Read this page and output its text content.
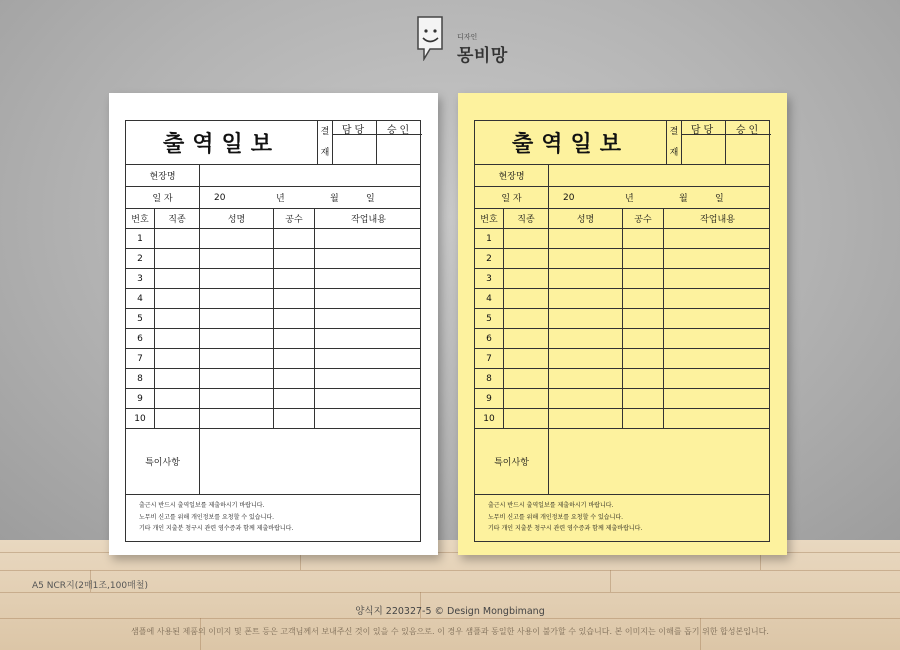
디자인
몽비망
출역일보	결
재
담당	승인
현장명
일 자	20	년	월	일
번호	직종	성명	공수	작업내용
1
2
3
4
5
6
7
8
9
10
특이사항
출근시 반드시 출역일보를 제출하시기 바랍니다.
노무비 신고를 위해 개인정보를 요청할 수 있습니다.
기타 개인 지출분 청구시 관련 영수증과 함께 제출바랍니다.
출역일보	결
재
담당	승인
현장명
일 자	20	년	월	일
번호	직종	성명	공수	작업내용
1
2
3
4
5
6
7
8
9
10
특이사항
출근시 반드시 출역일보를 제출하시기 바랍니다.
노무비 신고를 위해 개인정보를 요청할 수 있습니다.
기타 개인 지출분 청구시 관련 영수증과 함께 제출바랍니다.
A5 NCR지(2매1조,100매철)
양식지 220327-5 © Design Mongbimang
샘플에 사용된 제품의 이미지 및 폰트 등은 고객님께서 보내주신 것이 있을 수 있음으로. 이 경우 샘플과 동일한 사용이 불가할 수 있습니다. 본 이미지는 이해를 돕기 위한 합성본입니다.
